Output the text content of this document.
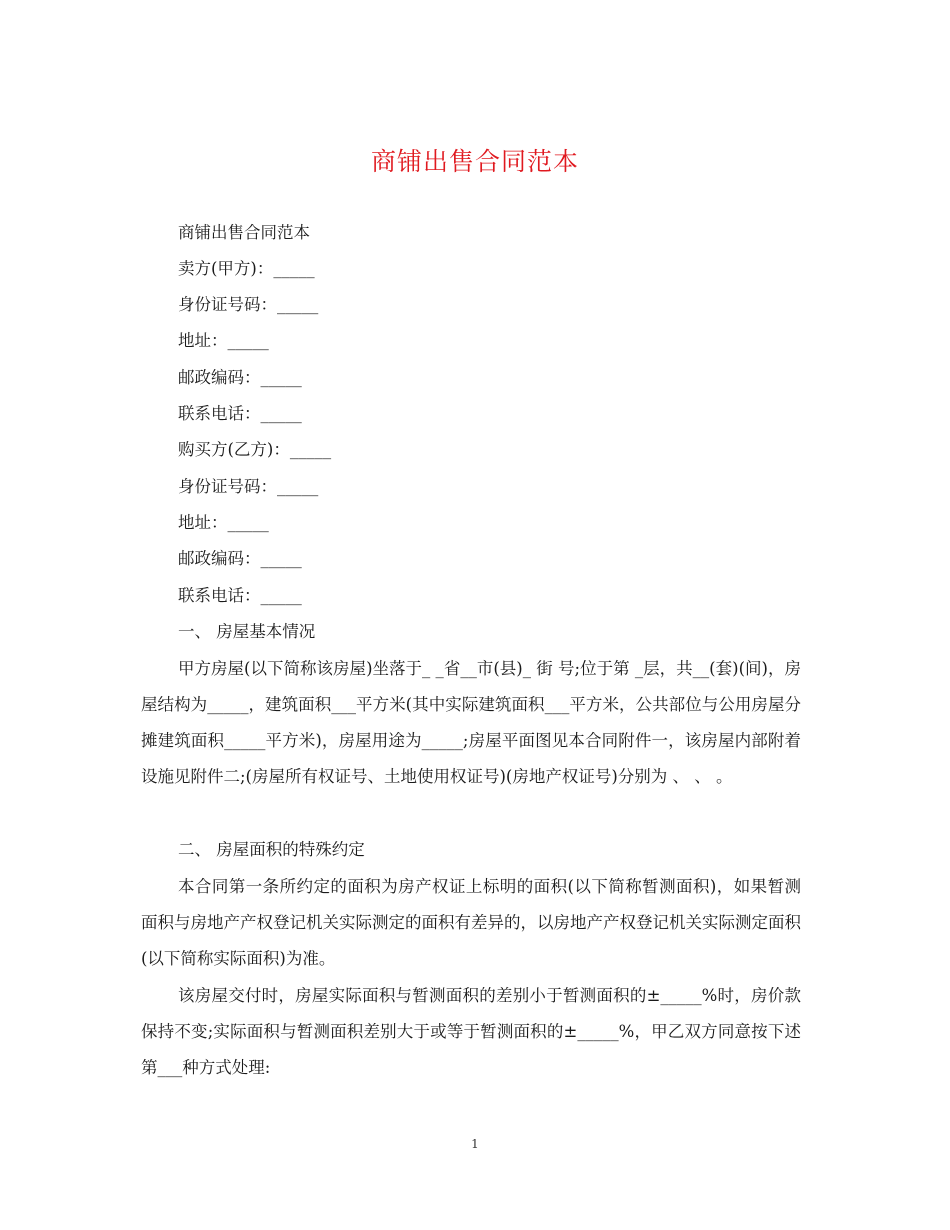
商铺出售合同范本
商铺出售合同范本
卖方(甲方)：_____
身份证号码：_____
地址：_____
邮政编码：_____
联系电话：_____
购买方(乙方)：_____
身份证号码：_____
地址：_____
邮政编码：_____
联系电话：_____
一、 房屋基本情况
甲方房屋(以下简称该房屋)坐落于_ _省__市(县)_ 街 号;位于第 _层，共__(套)(间)，房屋结构为_____，建筑面积___平方米(其中实际建筑面积___平方米，公共部位与公用房屋分摊建筑面积_____平方米)，房屋用途为_____;房屋平面图见本合同附件一，该房屋内部附着设施见附件二;(房屋所有权证号、土地使用权证号)(房地产权证号)分别为 、 、 。
二、 房屋面积的特殊约定
本合同第一条所约定的面积为房产权证上标明的面积(以下简称暂测面积)，如果暂测面积与房地产产权登记机关实际测定的面积有差异的，以房地产产权登记机关实际测定面积(以下简称实际面积)为准。
该房屋交付时，房屋实际面积与暂测面积的差别小于暂测面积的±_____%时，房价款保持不变;实际面积与暂测面积差别大于或等于暂测面积的±_____%，甲乙双方同意按下述第___种方式处理:
1
